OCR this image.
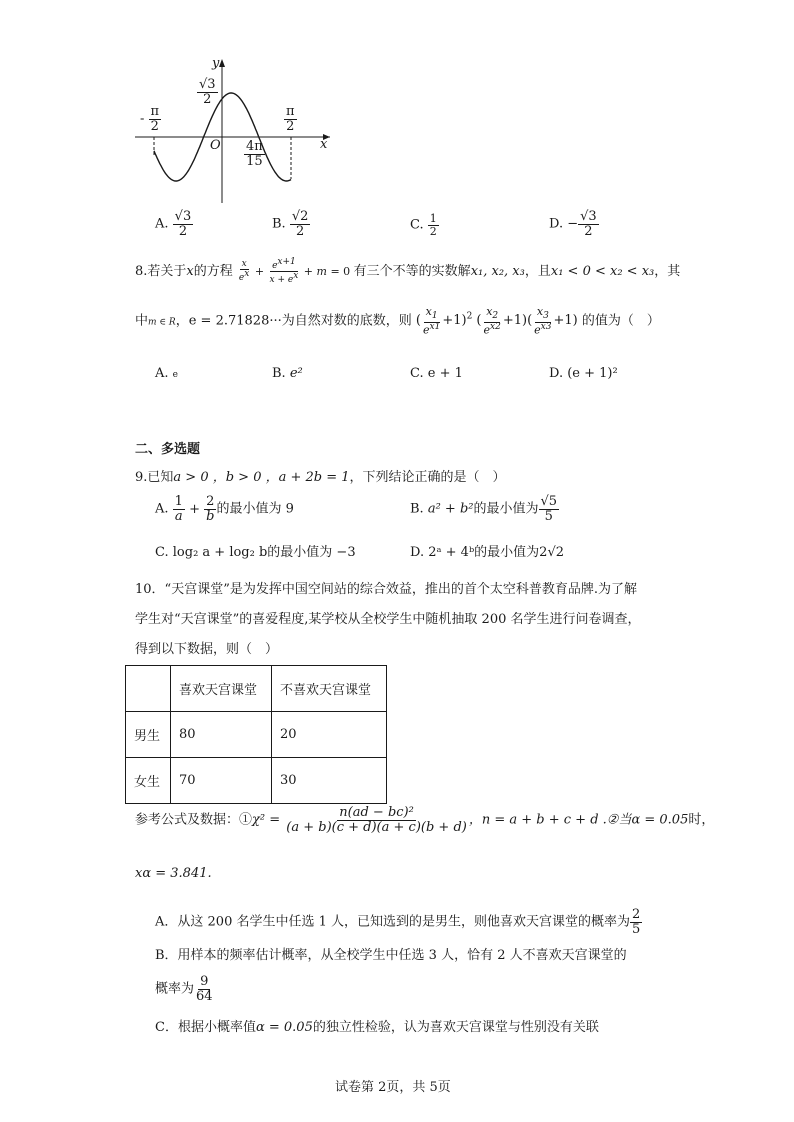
y
x
O
$\frac{√3}{2}$
- $\frac{\pi}{2}$	$\frac{\pi}{2}$
$\frac{4\pi}{15}$
A. $\frac{√3}{2}$	B. $\frac{√2}{2}$	C. $\frac{1}{2}$	D. − $\frac{√3}{2}$
8.若关于x的方程 $\frac{x}{e^x} + \frac{e^{x+1}}{x + e^x} + m = 0$ 有三个不等的实数解x₁, x₂, x₃，且x₁ < 0 < x₂ < x₃，其
中m ∈ R，e = 2.71828···为自然对数的底数，则 ( $\frac{x_1}{e^{x1}} +1)^2$ ( $\frac{x_2}{e^{x2}} +1)( \frac{x_3}{e^{x3}} +1)$ 的值为（　）
A. e	B. e²	C. e + 1	D. (e + 1)²
二、多选题
9.已知a > 0 ，b > 0 ，a + 2b = 1，下列结论正确的是（　）
A. $\frac{1}{a} + \frac{2}{b}$ 的最小值为 9	B. a² + b²的最小值为 $\frac{√5}{5}$
C. log₂ a + log₂ b的最小值为 −3	D. 2ᵃ + 4ᵇ的最小值为2√2
10．“天宫课堂”是为发挥中国空间站的综合效益，推出的首个太空科普教育品牌.为了解
学生对“天宫课堂”的喜爱程度,某学校从全校学生中随机抽取 200 名学生进行问卷调查，
得到以下数据，则（　）
	喜欢天宫课堂	不喜欢天宫课堂
男生	80	20
女生	70	30
参考公式及数据：①χ² = $\frac{\text{n(ad − bc)²}}{(a + b)(c + d)(a + c)(b + d)}$ ，n = a + b + c + d .②当α = 0.05时，
xα = 3.841.
A．从这 200 名学生中任选 1 人，已知选到的是男生，则他喜欢天宫课堂的概率为 $\frac{2}{5}$
B．用样本的频率估计概率，从全校学生中任选 3 人，恰有 2 人不喜欢天宫课堂的
概率为 $\frac{9}{64}$
C．根据小概率值α = 0.05的独立性检验，认为喜欢天宫课堂与性别没有关联
试卷第 2页，共 5页
